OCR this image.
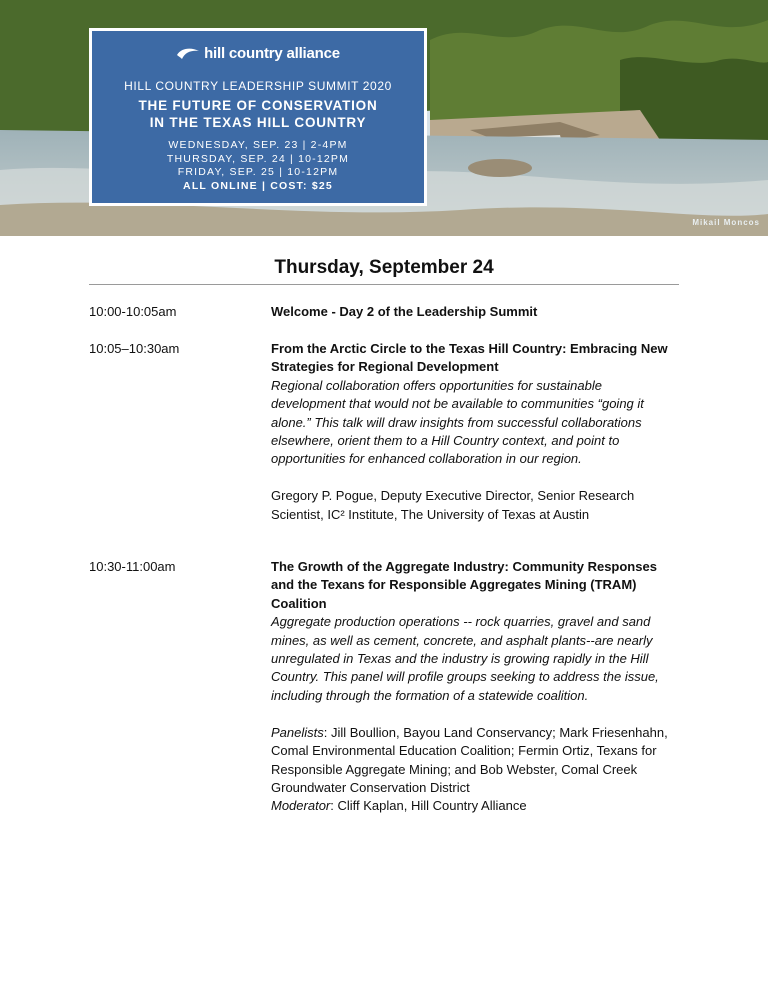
hill country alliance
HILL COUNTRY LEADERSHIP SUMMIT 2020
THE FUTURE OF CONSERVATION
IN THE TEXAS HILL COUNTRY
WEDNESDAY, SEP. 23 | 2-4PM
THURSDAY, SEP. 24 | 10-12PM
FRIDAY, SEP. 25 | 10-12PM
ALL ONLINE | COST: $25
Mikail Moncos
Thursday, September 24
10:00-10:05am	Welcome - Day 2 of the Leadership Summit
10:05–10:30am	From the Arctic Circle to the Texas Hill Country: Embracing New Strategies for Regional Development
Regional collaboration offers opportunities for sustainable development that would not be available to communities “going it alone.” This talk will draw insights from successful collaborations elsewhere, orient them to a Hill Country context, and point to opportunities for enhanced collaboration in our region.
Gregory P. Pogue, Deputy Executive Director, Senior Research Scientist, IC² Institute, The University of Texas at Austin
10:30-11:00am	The Growth of the Aggregate Industry: Community Responses and the Texans for Responsible Aggregates Mining (TRAM) Coalition
Aggregate production operations -- rock quarries, gravel and sand mines, as well as cement, concrete, and asphalt plants--are nearly unregulated in Texas and the industry is growing rapidly in the Hill Country. This panel will profile groups seeking to address the issue, including through the formation of a statewide coalition.
Panelists: Jill Boullion, Bayou Land Conservancy; Mark Friesenhahn, Comal Environmental Education Coalition; Fermin Ortiz, Texans for Responsible Aggregate Mining; and Bob Webster, Comal Creek Groundwater Conservation District
Moderator: Cliff Kaplan, Hill Country Alliance
